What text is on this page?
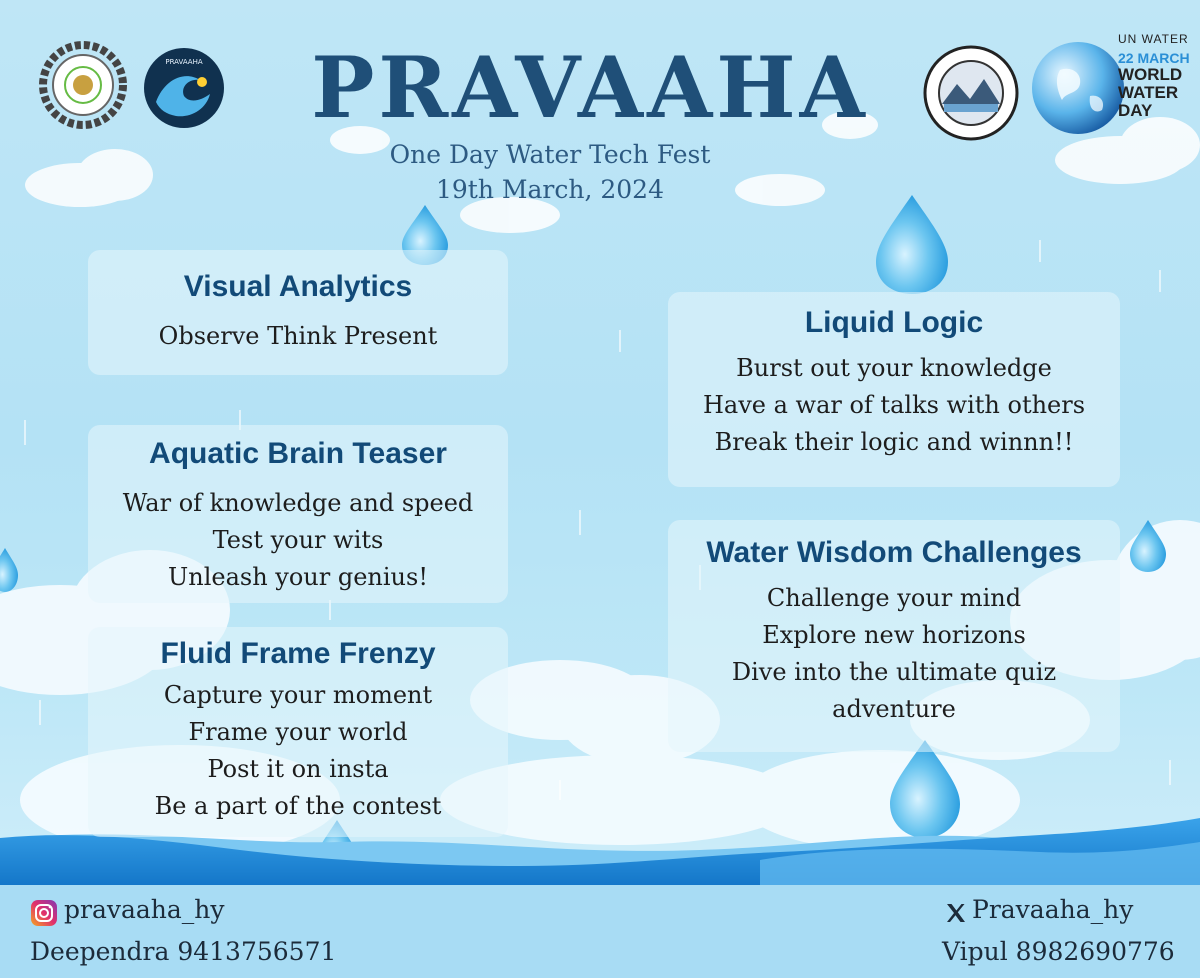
PRAVAAHA	PRAVAAHA
One Day Water Tech Fest
19th March, 2024
UN WATER
22 MARCH
WORLD
WATER
DAY
Visual Analytics
Observe Think Present
Aquatic Brain Teaser
War of knowledge and speed
Test your wits
Unleash your genius!
Fluid Frame Frenzy
Capture your moment
Frame your world
Post it on insta
Be a part of the contest
Liquid Logic
Burst out your knowledge
Have a war of talks with others
Break their logic and winnn!!
Water Wisdom Challenges
Challenge your mind
Explore new horizons
Dive into the ultimate quiz
adventure
pravaaha_hy
Deependra 9413756571
Pravaaha_hy
Vipul 8982690776
